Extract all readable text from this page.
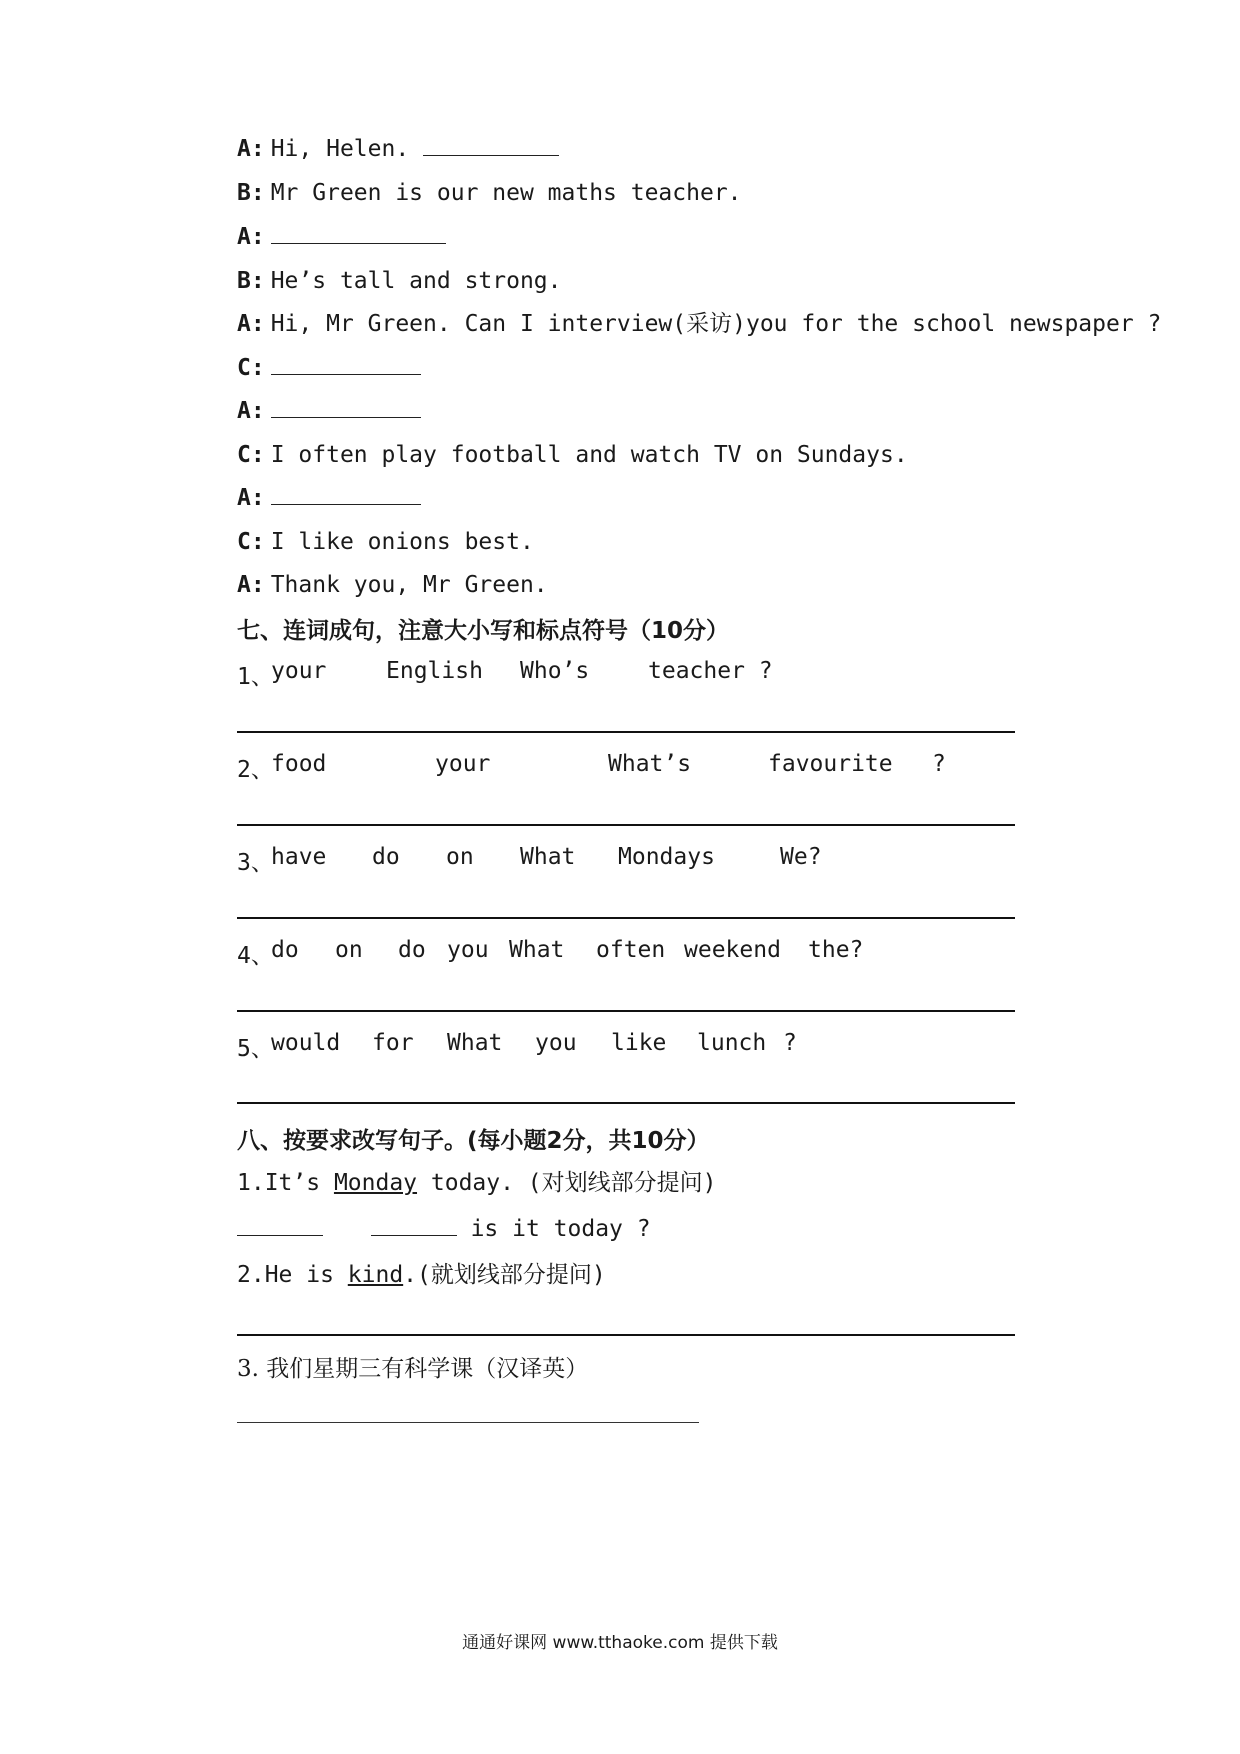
A: Hi, Helen.
B: Mr Green is our new maths teacher.
A:
B: He’s tall and strong.
A: Hi, Mr Green. Can I interview(采访)you for the school newspaper ?
C:
A:
C: I often play football and watch TV on Sundays.
A:
C: I like onions best.
A: Thank you, Mr Green.
七、连词成句，注意大小写和标点符号（10分）
1、
your	English Who’s	teacher ?
2、
food	your	What’s	favourite ?
3、
have do on What Mondays	We?
4、
do on do you What often weekend the?
5、
would for What you like lunch ?
八、按要求改写句子。(每小题2分，共10分）
1.It’s Monday today. (对划线部分提问)
is it today ?
2.He is kind.(就划线部分提问)
3. 我们星期三有科学课（汉译英）
通通好课网 www.tthaoke.com 提供下载
